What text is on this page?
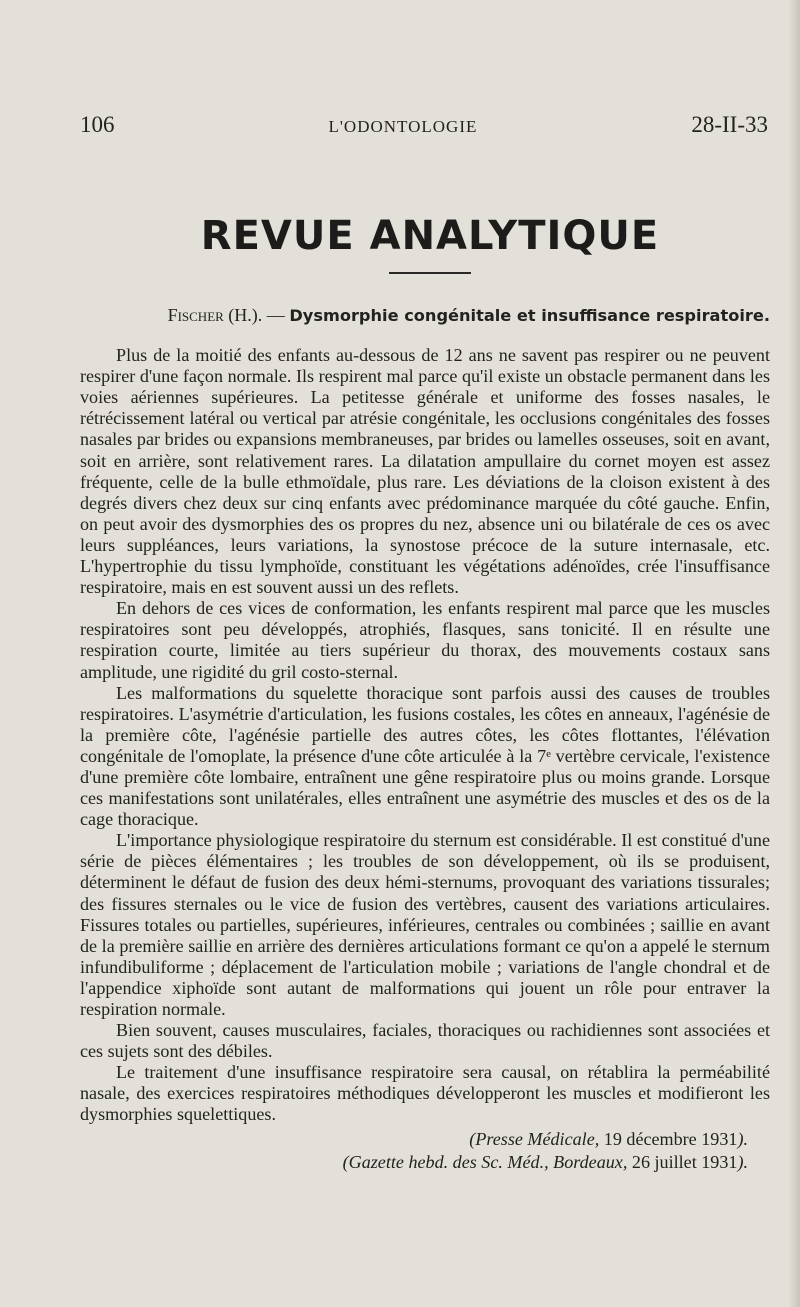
106	L'ODONTOLOGIE	28-II-33
REVUE ANALYTIQUE
Fischer (H.). — Dysmorphie congénitale et insuffisance respiratoire.

Plus de la moitié des enfants au-dessous de 12 ans ne savent pas respirer ou ne peuvent respirer d'une façon normale. Ils respirent mal parce qu'il existe un obstacle permanent dans les voies aériennes supérieures. La petitesse générale et uniforme des fosses nasales, le rétrécissement latéral ou vertical par atrésie congénitale, les occlusions congénitales des fosses nasales par brides ou expansions membraneuses, par brides ou lamelles osseuses, soit en avant, soit en arrière, sont relativement rares. La dilatation ampullaire du cornet moyen est assez fréquente, celle de la bulle ethmoïdale, plus rare. Les déviations de la cloison existent à des degrés divers chez deux sur cinq enfants avec prédominance marquée du côté gauche. Enfin, on peut avoir des dysmorphies des os propres du nez, absence uni ou bilatérale de ces os avec leurs suppléances, leurs variations, la synostose précoce de la suture internasale, etc. L'hypertrophie du tissu lymphoïde, constituant les végétations adénoïdes, crée l'insuffisance respiratoire, mais en est souvent aussi un des reflets.

En dehors de ces vices de conformation, les enfants respirent mal parce que les muscles respiratoires sont peu développés, atrophiés, flasques, sans tonicité. Il en résulte une respiration courte, limitée au tiers supérieur du thorax, des mouvements costaux sans amplitude, une rigidité du gril costo-sternal.

Les malformations du squelette thoracique sont parfois aussi des causes de troubles respiratoires. L'asymétrie d'articulation, les fusions costales, les côtes en anneaux, l'agénésie de la première côte, l'agénésie partielle des autres côtes, les côtes flottantes, l'élévation congénitale de l'omoplate, la présence d'une côte articulée à la 7ᵉ vertèbre cervicale, l'existence d'une première côte lombaire, entraînent une gêne respiratoire plus ou moins grande. Lorsque ces manifestations sont unilatérales, elles entraînent une asymétrie des muscles et des os de la cage thoracique.

L'importance physiologique respiratoire du sternum est considérable. Il est constitué d'une série de pièces élémentaires ; les troubles de son développement, où ils se produisent, déterminent le défaut de fusion des deux hémi-sternums, provoquant des variations tissurales; des fissures sternales ou le vice de fusion des vertèbres, causent des variations articulaires. Fissures totales ou partielles, supérieures, inférieures, centrales ou combinées ; saillie en avant de la première saillie en arrière des dernières articulations formant ce qu'on a appelé le sternum infundibuliforme ; déplacement de l'articulation mobile ; variations de l'angle chondral et de l'appendice xiphoïde sont autant de malformations qui jouent un rôle pour entraver la respiration normale.

Bien souvent, causes musculaires, faciales, thoraciques ou rachidiennes sont associées et ces sujets sont des débiles.

Le traitement d'une insuffisance respiratoire sera causal, on rétablira la perméabilité nasale, des exercices respiratoires méthodiques développeront les muscles et modifieront les dysmorphies squelettiques.

(Presse Médicale, 19 décembre 1931).
(Gazette hebd. des Sc. Méd., Bordeaux, 26 juillet 1931).
